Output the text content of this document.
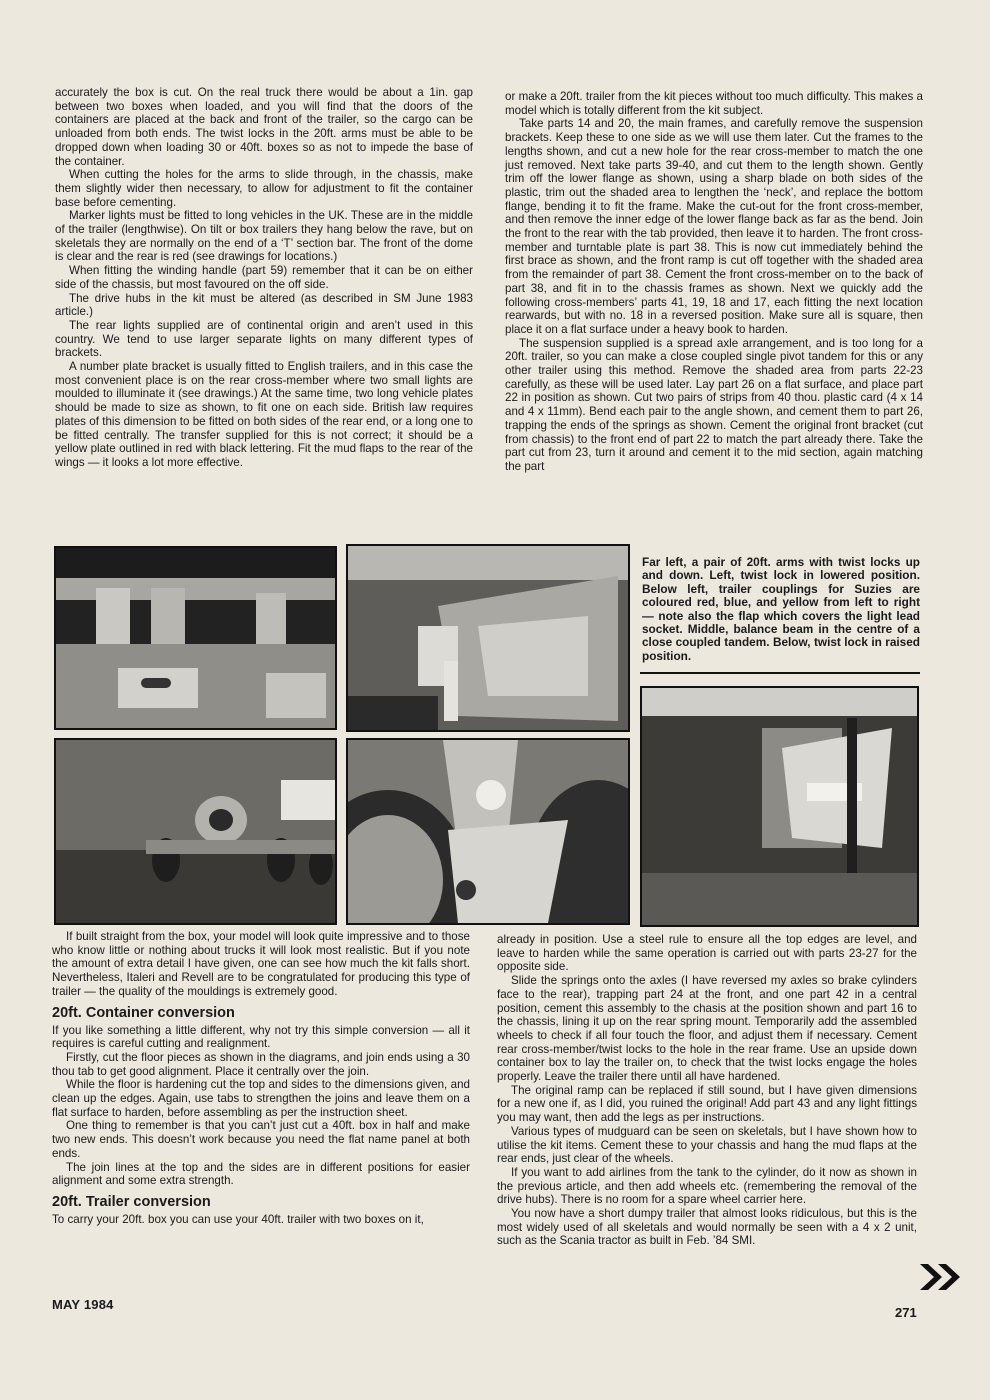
accurately the box is cut. On the real truck there would be about a 1in. gap between two boxes when loaded, and you will find that the doors of the containers are placed at the back and front of the trailer, so the cargo can be unloaded from both ends. The twist locks in the 20ft. arms must be able to be dropped down when loading 30 or 40ft. boxes so as not to impede the base of the container.

When cutting the holes for the arms to slide through, in the chassis, make them slightly wider then necessary, to allow for adjustment to fit the container base before cementing.

Marker lights must be fitted to long vehicles in the UK. These are in the middle of the trailer (lengthwise). On tilt or box trailers they hang below the rave, but on skeletals they are normally on the end of a ‘T’ section bar. The front of the dome is clear and the rear is red (see drawings for locations.)

When fitting the winding handle (part 59) remember that it can be on either side of the chassis, but most favoured on the off side.

The drive hubs in the kit must be altered (as described in SM June 1983 article.)

The rear lights supplied are of continental origin and aren’t used in this country. We tend to use larger separate lights on many different types of brackets.

A number plate bracket is usually fitted to English trailers, and in this case the most convenient place is on the rear cross-member where two small lights are moulded to illuminate it (see drawings.) At the same time, two long vehicle plates should be made to size as shown, to fit one on each side. British law requires plates of this dimension to be fitted on both sides of the rear end, or a long one to be fitted centrally. The transfer supplied for this is not correct; it should be a yellow plate outlined in red with black lettering. Fit the mud flaps to the rear of the wings — it looks a lot more effective.

or make a 20ft. trailer from the kit pieces without too much difficulty. This makes a model which is totally different from the kit subject.

Take parts 14 and 20, the main frames, and carefully remove the suspension brackets. Keep these to one side as we will use them later. Cut the frames to the lengths shown, and cut a new hole for the rear cross-member to match the one just removed. Next take parts 39-40, and cut them to the length shown. Gently trim off the lower flange as shown, using a sharp blade on both sides of the plastic, trim out the shaded area to lengthen the ‘neck’, and replace the bottom flange, bending it to fit the frame. Make the cut-out for the front cross-member, and then remove the inner edge of the lower flange back as far as the bend. Join the front to the rear with the tab provided, then leave it to harden. The front cross-member and turntable plate is part 38. This is now cut immediately behind the first brace as shown, and the front ramp is cut off together with the shaded area from the remainder of part 38. Cement the front cross-member on to the back of part 38, and fit in to the chassis frames as shown. Next we quickly add the following cross-members’ parts 41, 19, 18 and 17, each fitting the next location rearwards, but with no. 18 in a reversed position. Make sure all is square, then place it on a flat surface under a heavy book to harden.

The suspension supplied is a spread axle arrangement, and is too long for a 20ft. trailer, so you can make a close coupled single pivot tandem for this or any other trailer using this method. Remove the shaded area from parts 22-23 carefully, as these will be used later. Lay part 26 on a flat surface, and place part 22 in position as shown. Cut two pairs of strips from 40 thou. plastic card (4 x 14 and 4 x 11mm). Bend each pair to the angle shown, and cement them to part 26, trapping the ends of the springs as shown. Cement the original front bracket (cut from chassis) to the front end of part 22 to match the part already there. Take the part cut from 23, turn it around and cement it to the mid section, again matching the part

Far left, a pair of 20ft. arms with twist locks up and down. Left, twist lock in lowered position. Below left, trailer couplings for Suzies are coloured red, blue, and yellow from left to right — note also the flap which covers the light lead socket. Middle, balance beam in the centre of a close coupled tandem. Below, twist lock in raised position.

If built straight from the box, your model will look quite impressive and to those who know little or nothing about trucks it will look most realistic. But if you note the amount of extra detail I have given, one can see how much the kit falls short. Nevertheless, Italeri and Revell are to be congratulated for producing this type of trailer — the quality of the mouldings is extremely good.

20ft. Container conversion

If you like something a little different, why not try this simple conversion — all it requires is careful cutting and realignment.

Firstly, cut the floor pieces as shown in the diagrams, and join ends using a 30 thou tab to get good alignment. Place it centrally over the join.

While the floor is hardening cut the top and sides to the dimensions given, and clean up the edges. Again, use tabs to strengthen the joins and leave them on a flat surface to harden, before assembling as per the instruction sheet.

One thing to remember is that you can’t just cut a 40ft. box in half and make two new ends. This doesn’t work because you need the flat name panel at both ends.

The join lines at the top and the sides are in different positions for easier alignment and some extra strength.

20ft. Trailer conversion

To carry your 20ft. box you can use your 40ft. trailer with two boxes on it,

already in position. Use a steel rule to ensure all the top edges are level, and leave to harden while the same operation is carried out with parts 23-27 for the opposite side.

Slide the springs onto the axles (I have reversed my axles so brake cylinders face to the rear), trapping part 24 at the front, and one part 42 in a central position, cement this assembly to the chasis at the position shown and part 16 to the chassis, lining it up on the rear spring mount. Temporarily add the assembled wheels to check if all four touch the floor, and adjust them if necessary. Cement rear cross-member/twist locks to the hole in the rear frame. Use an upside down container box to lay the trailer on, to check that the twist locks engage the holes properly. Leave the trailer there until all have hardened.

The original ramp can be replaced if still sound, but I have given dimensions for a new one if, as I did, you ruined the original! Add part 43 and any light fittings you may want, then add the legs as per instructions.

Various types of mudguard can be seen on skeletals, but I have shown how to utilise the kit items. Cement these to your chassis and hang the mud flaps at the rear ends, just clear of the wheels.

If you want to add airlines from the tank to the cylinder, do it now as shown in the previous article, and then add wheels etc. (remembering the removal of the drive hubs). There is no room for a spare wheel carrier here.

You now have a short dumpy trailer that almost looks ridiculous, but this is the most widely used of all skeletals and would normally be seen with a 4 x 2 unit, such as the Scania tractor as built in Feb. ’84 SMI.

MAY 1984
271
